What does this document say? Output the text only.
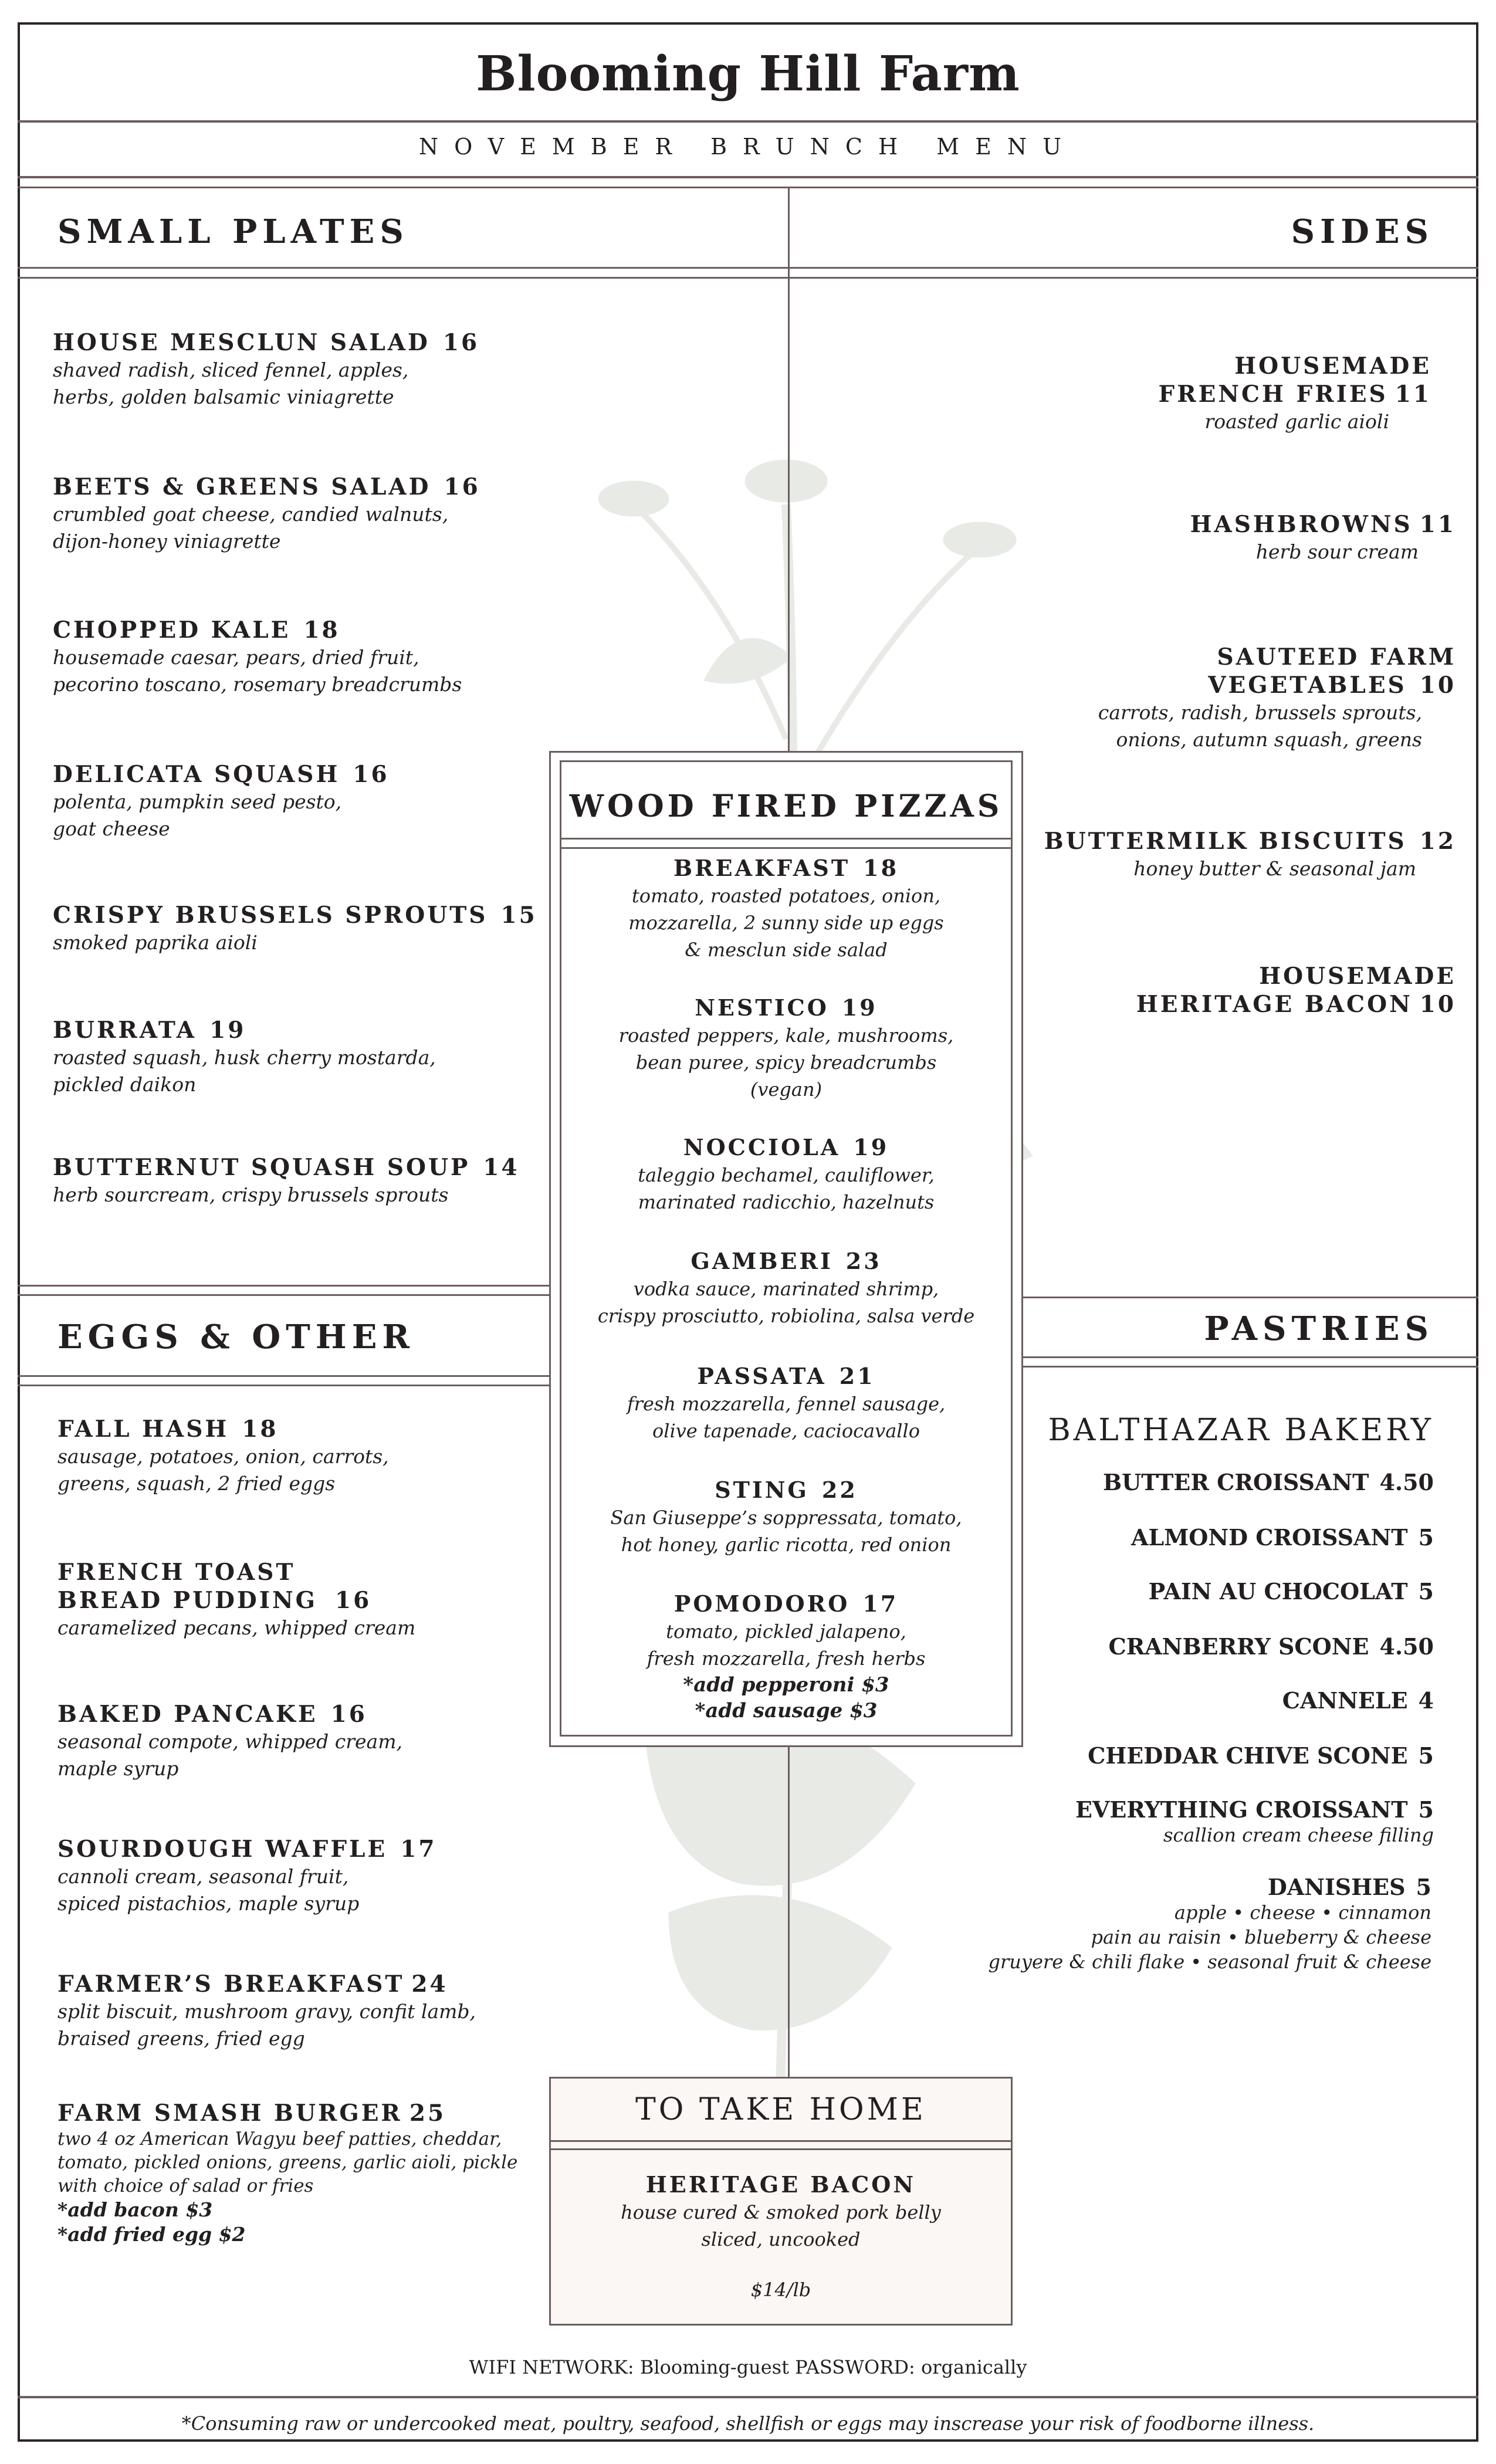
Blooming Hill Farm
NOVEMBER BRUNCH MENU
SMALL PLATES
HOUSE MESCLUN SALAD 16
shaved radish, sliced fennel, apples,
herbs, golden balsamic viniagrette
BEETS & GREENS SALAD 16
crumbled goat cheese, candied walnuts,
dijon-honey viniagrette
CHOPPED KALE 18
housemade caesar, pears, dried fruit,
pecorino toscano, rosemary breadcrumbs
DELICATA SQUASH 16
polenta, pumpkin seed pesto,
goat cheese
CRISPY BRUSSELS SPROUTS 15
smoked paprika aioli
BURRATA 19
roasted squash, husk cherry mostarda,
pickled daikon
BUTTERNUT SQUASH SOUP 14
herb sourcream, crispy brussels sprouts
SIDES
HOUSEMADE
FRENCH FRIES 11
roasted garlic aioli
HASHBROWNS 11
herb sour cream
SAUTEED FARM
VEGETABLES 10
carrots, radish, brussels sprouts,
onions, autumn squash, greens
BUTTERMILK BISCUITS 12
honey butter & seasonal jam
HOUSEMADE
HERITAGE BACON 10
WOOD FIRED PIZZAS
BREAKFAST 18
tomato, roasted potatoes, onion,
mozzarella, 2 sunny side up eggs
& mesclun side salad
NESTICO 19
roasted peppers, kale, mushrooms,
bean puree, spicy breadcrumbs
(vegan)
NOCCIOLA 19
taleggio bechamel, cauliflower,
marinated radicchio, hazelnuts
GAMBERI 23
vodka sauce, marinated shrimp,
crispy prosciutto, robiolina, salsa verde
PASSATA 21
fresh mozzarella, fennel sausage,
olive tapenade, caciocavallo
STING 22
San Giuseppe’s soppressata, tomato,
hot honey, garlic ricotta, red onion
POMODORO 17
tomato, pickled jalapeno,
fresh mozzarella, fresh herbs
*add pepperoni $3
*add sausage $3
EGGS & OTHER
FALL HASH 18
sausage, potatoes, onion, carrots,
greens, squash, 2 fried eggs
FRENCH TOAST
BREAD PUDDING 16
caramelized pecans, whipped cream
BAKED PANCAKE 16
seasonal compote, whipped cream,
maple syrup
SOURDOUGH WAFFLE 17
cannoli cream, seasonal fruit,
spiced pistachios, maple syrup
FARMER’S BREAKFAST 24
split biscuit, mushroom gravy, confit lamb,
braised greens, fried egg
FARM SMASH BURGER 25
two 4 oz American Wagyu beef patties, cheddar,
tomato, pickled onions, greens, garlic aioli, pickle
with choice of salad or fries
*add bacon $3
*add fried egg $2
PASTRIES
BALTHAZAR BAKERY
BUTTER CROISSANT 4.50
ALMOND CROISSANT 5
PAIN AU CHOCOLAT 5
CRANBERRY SCONE 4.50
CANNELE 4
CHEDDAR CHIVE SCONE 5
EVERYTHING CROISSANT 5
scallion cream cheese filling
DANISHES 5
apple • cheese • cinnamon
pain au raisin • blueberry & cheese
gruyere & chili flake • seasonal fruit & cheese
TO TAKE HOME
HERITAGE BACON
house cured & smoked pork belly
sliced, uncooked
$14/lb
WIFI NETWORK: Blooming-guest PASSWORD: organically
*Consuming raw or undercooked meat, poultry, seafood, shellfish or eggs may inscrease your risk of foodborne illness.
